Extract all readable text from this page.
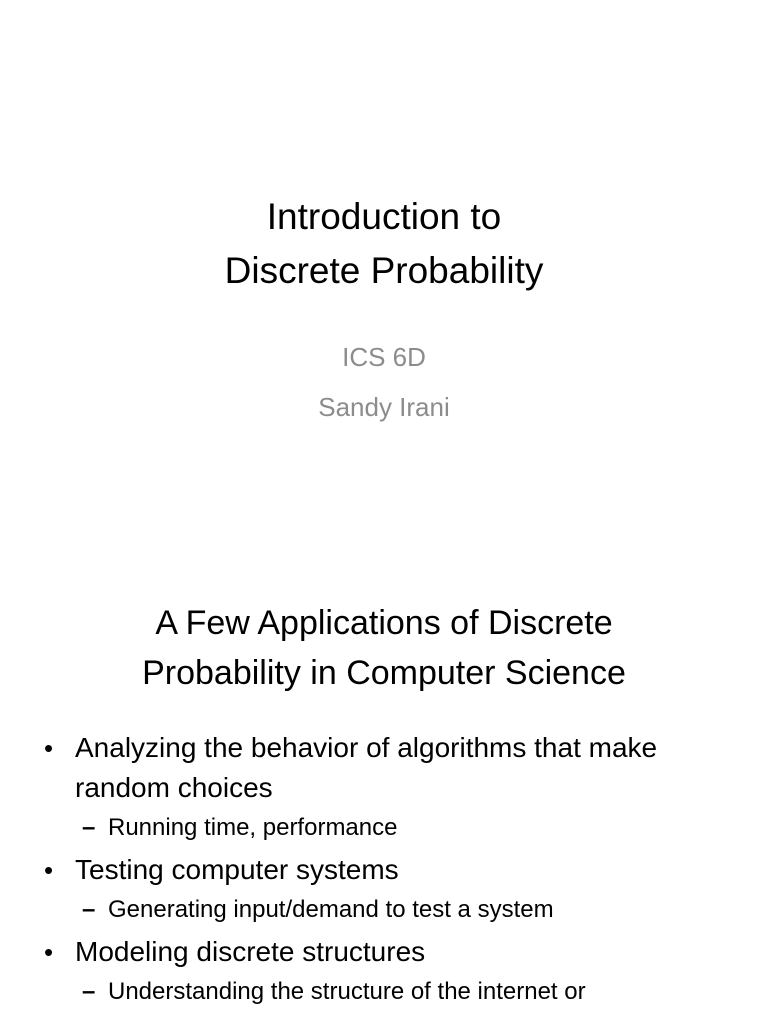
Introduction to
Discrete Probability
ICS 6D
Sandy Irani
A Few Applications of Discrete
Probability in Computer Science

• Analyzing the behavior of algorithms that make random choices

– Running time, performance

• Testing computer systems

– Generating input/demand to test a system

• Modeling discrete structures

– Understanding the structure of the internet or
